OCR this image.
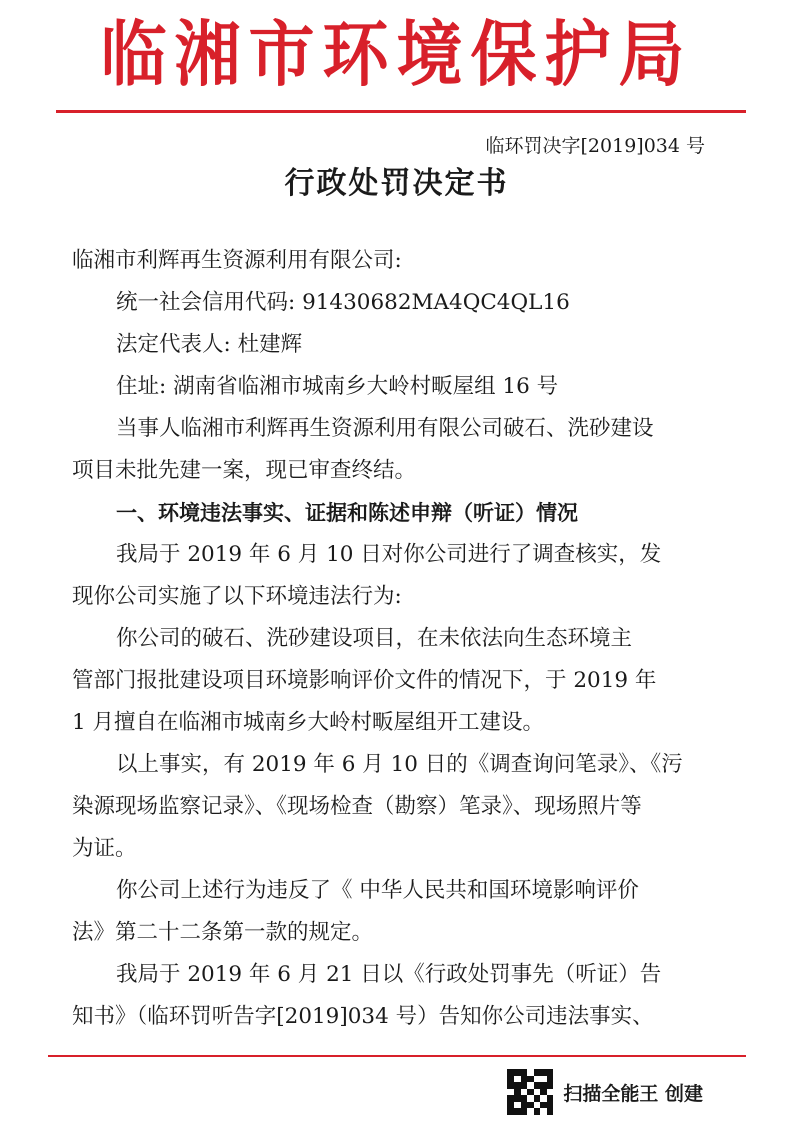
临湘市环境保护局
临环罚决字[2019]034 号
行政处罚决定书
临湘市利辉再生资源利用有限公司:
统一社会信用代码: 91430682MA4QC4QL16
法定代表人: 杜建辉
住址: 湖南省临湘市城南乡大岭村畈屋组 16 号
当事人临湘市利辉再生资源利用有限公司破石、洗砂建设
项目未批先建一案，现已审查终结。
一、环境违法事实、证据和陈述申辩（听证）情况
我局于 2019 年 6 月 10 日对你公司进行了调查核实，发
现你公司实施了以下环境违法行为:
你公司的破石、洗砂建设项目，在未依法向生态环境主
管部门报批建设项目环境影响评价文件的情况下，于 2019 年
1 月擅自在临湘市城南乡大岭村畈屋组开工建设。
以上事实，有 2019 年 6 月 10 日的《调查询问笔录》、《污
染源现场监察记录》、《现场检查（勘察）笔录》、现场照片等
为证。
你公司上述行为违反了《 中华人民共和国环境影响评价
法》第二十二条第一款的规定。
我局于 2019 年 6 月 21 日以《行政处罚事先（听证）告
知书》（临环罚听告字[2019]034 号）告知你公司违法事实、
扫描全能王 创建
